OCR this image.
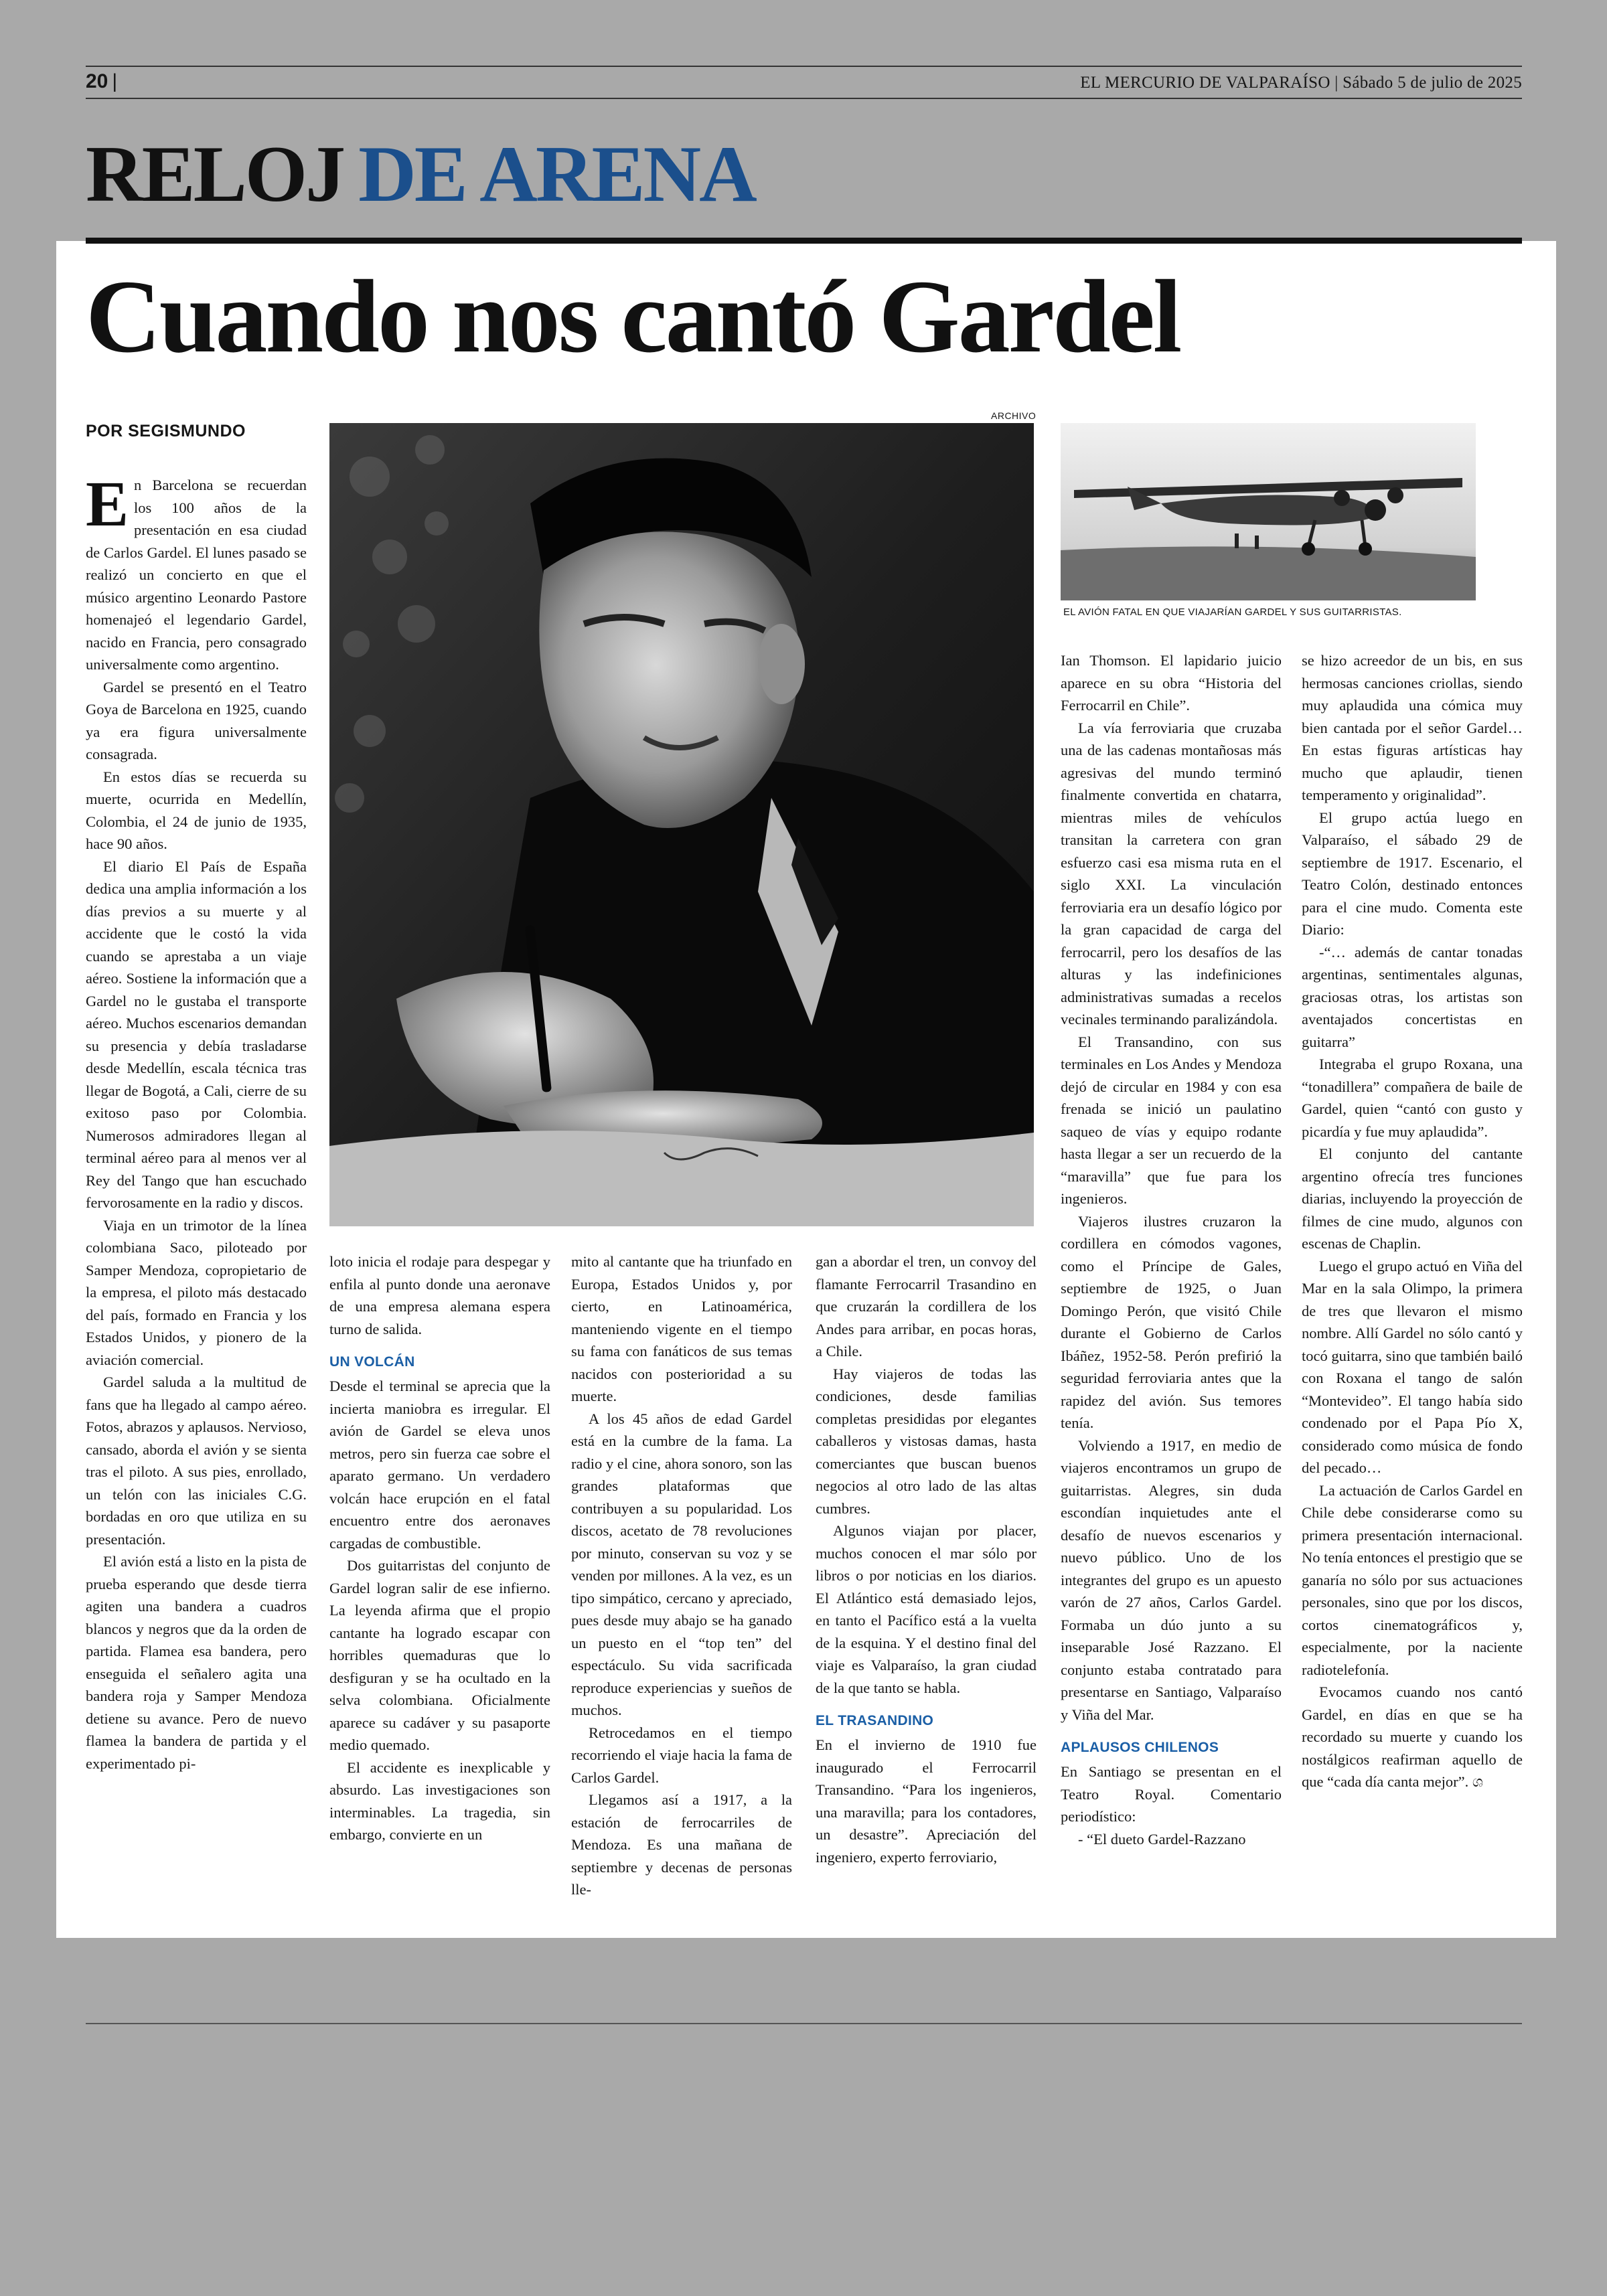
20 |	EL MERCURIO DE VALPARAÍSO | Sábado 5 de julio de 2025
RELOJ DE ARENA
Cuando nos cantó Gardel
POR SEGISMUNDO
ARCHIVO
EL AVIÓN FATAL EN QUE VIAJARÍAN GARDEL Y SUS GUITARRISTAS.

En Barcelona se recuerdan los 100 años de la presentación en esa ciudad de Carlos Gardel. El lunes pasado se realizó un concierto en que el músico argentino Leonardo Pastore homenajeó el legendario Gardel, nacido en Francia, pero consagrado universalmente como argentino.

Gardel se presentó en el Teatro Goya de Barcelona en 1925, cuando ya era figura universalmente consagrada.

En estos días se recuerda su muerte, ocurrida en Medellín, Colombia, el 24 de junio de 1935, hace 90 años.

El diario El País de España dedica una amplia información a los días previos a su muerte y al accidente que le costó la vida cuando se aprestaba a un viaje aéreo. Sostiene la información que a Gardel no le gustaba el transporte aéreo. Muchos escenarios demandan su presencia y debía trasladarse desde Medellín, escala técnica tras llegar de Bogotá, a Cali, cierre de su exitoso paso por Colombia. Numerosos admiradores llegan al terminal aéreo para al menos ver al Rey del Tango que han escuchado fervorosamente en la radio y discos.

Viaja en un trimotor de la línea colombiana Saco, piloteado por Samper Mendoza, copropietario de la empresa, el piloto más destacado del país, formado en Francia y los Estados Unidos, y pionero de la aviación comercial.

Gardel saluda a la multitud de fans que ha llegado al campo aéreo. Fotos, abrazos y aplausos. Nervioso, cansado, aborda el avión y se sienta tras el piloto. A sus pies, enrollado, un telón con las iniciales C.G. bordadas en oro que utiliza en su presentación.

El avión está a listo en la pista de prueba esperando que desde tierra agiten una bandera a cuadros blancos y negros que da la orden de partida. Flamea esa bandera, pero enseguida el señalero agita una bandera roja y Samper Mendoza detiene su avance. Pero de nuevo flamea la bandera de partida y el experimentado pi-

loto inicia el rodaje para despegar y enfila al punto donde una aeronave de una empresa alemana espera turno de salida.

UN VOLCÁN

Desde el terminal se aprecia que la incierta maniobra es irregular. El avión de Gardel se eleva unos metros, pero sin fuerza cae sobre el aparato germano. Un verdadero volcán hace erupción en el fatal encuentro entre dos aeronaves cargadas de combustible.

Dos guitarristas del conjunto de Gardel logran salir de ese infierno. La leyenda afirma que el propio cantante ha logrado escapar con horribles quemaduras que lo desfiguran y se ha ocultado en la selva colombiana. Oficialmente aparece su cadáver y su pasaporte medio quemado.

El accidente es inexplicable y absurdo. Las investigaciones son interminables. La tragedia, sin embargo, convierte en un

mito al cantante que ha triunfado en Europa, Estados Unidos y, por cierto, en Latinoamérica, manteniendo vigente en el tiempo su fama con fanáticos de sus temas nacidos con posterioridad a su muerte.

A los 45 años de edad Gardel está en la cumbre de la fama. La radio y el cine, ahora sonoro, son las grandes plataformas que contribuyen a su popularidad. Los discos, acetato de 78 revoluciones por minuto, conservan su voz y se venden por millones. A la vez, es un tipo simpático, cercano y apreciado, pues desde muy abajo se ha ganado un puesto en el “top ten” del espectáculo. Su vida sacrificada reproduce experiencias y sueños de muchos.

Retrocedamos en el tiempo recorriendo el viaje hacia la fama de Carlos Gardel.

Llegamos así a 1917, a la estación de ferrocarriles de Mendoza. Es una mañana de septiembre y decenas de personas lle-

gan a abordar el tren, un convoy del flamante Ferrocarril Trasandino en que cruzarán la cordillera de los Andes para arribar, en pocas horas, a Chile.

Hay viajeros de todas las condiciones, desde familias completas presididas por elegantes caballeros y vistosas damas, hasta comerciantes que buscan buenos negocios al otro lado de las altas cumbres.

Algunos viajan por placer, muchos conocen el mar sólo por libros o por noticias en los diarios. El Atlántico está demasiado lejos, en tanto el Pacífico está a la vuelta de la esquina. Y el destino final del viaje es Valparaíso, la gran ciudad de la que tanto se habla.

EL TRASANDINO

En el invierno de 1910 fue inaugurado el Ferrocarril Transandino. “Para los ingenieros, una maravilla; para los contadores, un desastre”. Apreciación del ingeniero, experto ferroviario,

Ian Thomson. El lapidario juicio aparece en su obra “Historia del Ferrocarril en Chile”.

La vía ferroviaria que cruzaba una de las cadenas montañosas más agresivas del mundo terminó finalmente convertida en chatarra, mientras miles de vehículos transitan la carretera con gran esfuerzo casi esa misma ruta en el siglo XXI. La vinculación ferroviaria era un desafío lógico por la gran capacidad de carga del ferrocarril, pero los desafíos de las alturas y las indefiniciones administrativas sumadas a recelos vecinales terminando paralizándola.

El Transandino, con sus terminales en Los Andes y Mendoza dejó de circular en 1984 y con esa frenada se inició un paulatino saqueo de vías y equipo rodante hasta llegar a ser un recuerdo de la “maravilla” que fue para los ingenieros.

Viajeros ilustres cruzaron la cordillera en cómodos vagones, como el Príncipe de Gales, septiembre de 1925, o Juan Domingo Perón, que visitó Chile durante el Gobierno de Carlos Ibáñez, 1952-58. Perón prefirió la seguridad ferroviaria antes que la rapidez del avión. Sus temores tenía.

Volviendo a 1917, en medio de viajeros encontramos un grupo de guitarristas. Alegres, sin duda escondían inquietudes ante el desafío de nuevos escenarios y nuevo público. Uno de los integrantes del grupo es un apuesto varón de 27 años, Carlos Gardel. Formaba un dúo junto a su inseparable José Razzano. El conjunto estaba contratado para presentarse en Santiago, Valparaíso y Viña del Mar.

APLAUSOS CHILENOS

En Santiago se presentan en el Teatro Royal. Comentario periodístico:

- “El dueto Gardel-Razzano

se hizo acreedor de un bis, en sus hermosas canciones criollas, siendo muy aplaudida una cómica muy bien cantada por el señor Gardel… En estas figuras artísticas hay mucho que aplaudir, tienen temperamento y originalidad”.

El grupo actúa luego en Valparaíso, el sábado 29 de septiembre de 1917. Escenario, el Teatro Colón, destinado entonces para el cine mudo. Comenta este Diario:

-“… además de cantar tonadas argentinas, sentimentales algunas, graciosas otras, los artistas son aventajados concertistas en guitarra”

Integraba el grupo Roxana, una “tonadillera” compañera de baile de Gardel, quien “cantó con gusto y picardía y fue muy aplaudida”.

El conjunto del cantante argentino ofrecía tres funciones diarias, incluyendo la proyección de filmes de cine mudo, algunos con escenas de Chaplin.

Luego el grupo actuó en Viña del Mar en la sala Olimpo, la primera de tres que llevaron el mismo nombre. Allí Gardel no sólo cantó y tocó guitarra, sino que también bailó con Roxana el tango de salón “Montevideo”. El tango había sido condenado por el Papa Pío X, considerado como música de fondo del pecado…

La actuación de Carlos Gardel en Chile debe considerarse como su primera presentación internacional. No tenía entonces el prestigio que se ganaría no sólo por sus actuaciones personales, sino que por los discos, cortos cinematográficos y, especialmente, por la naciente radiotelefonía.

Evocamos cuando nos cantó Gardel, en días en que se ha recordado su muerte y cuando los nostálgicos reafirman aquello de que “cada día canta mejor”. ශ
